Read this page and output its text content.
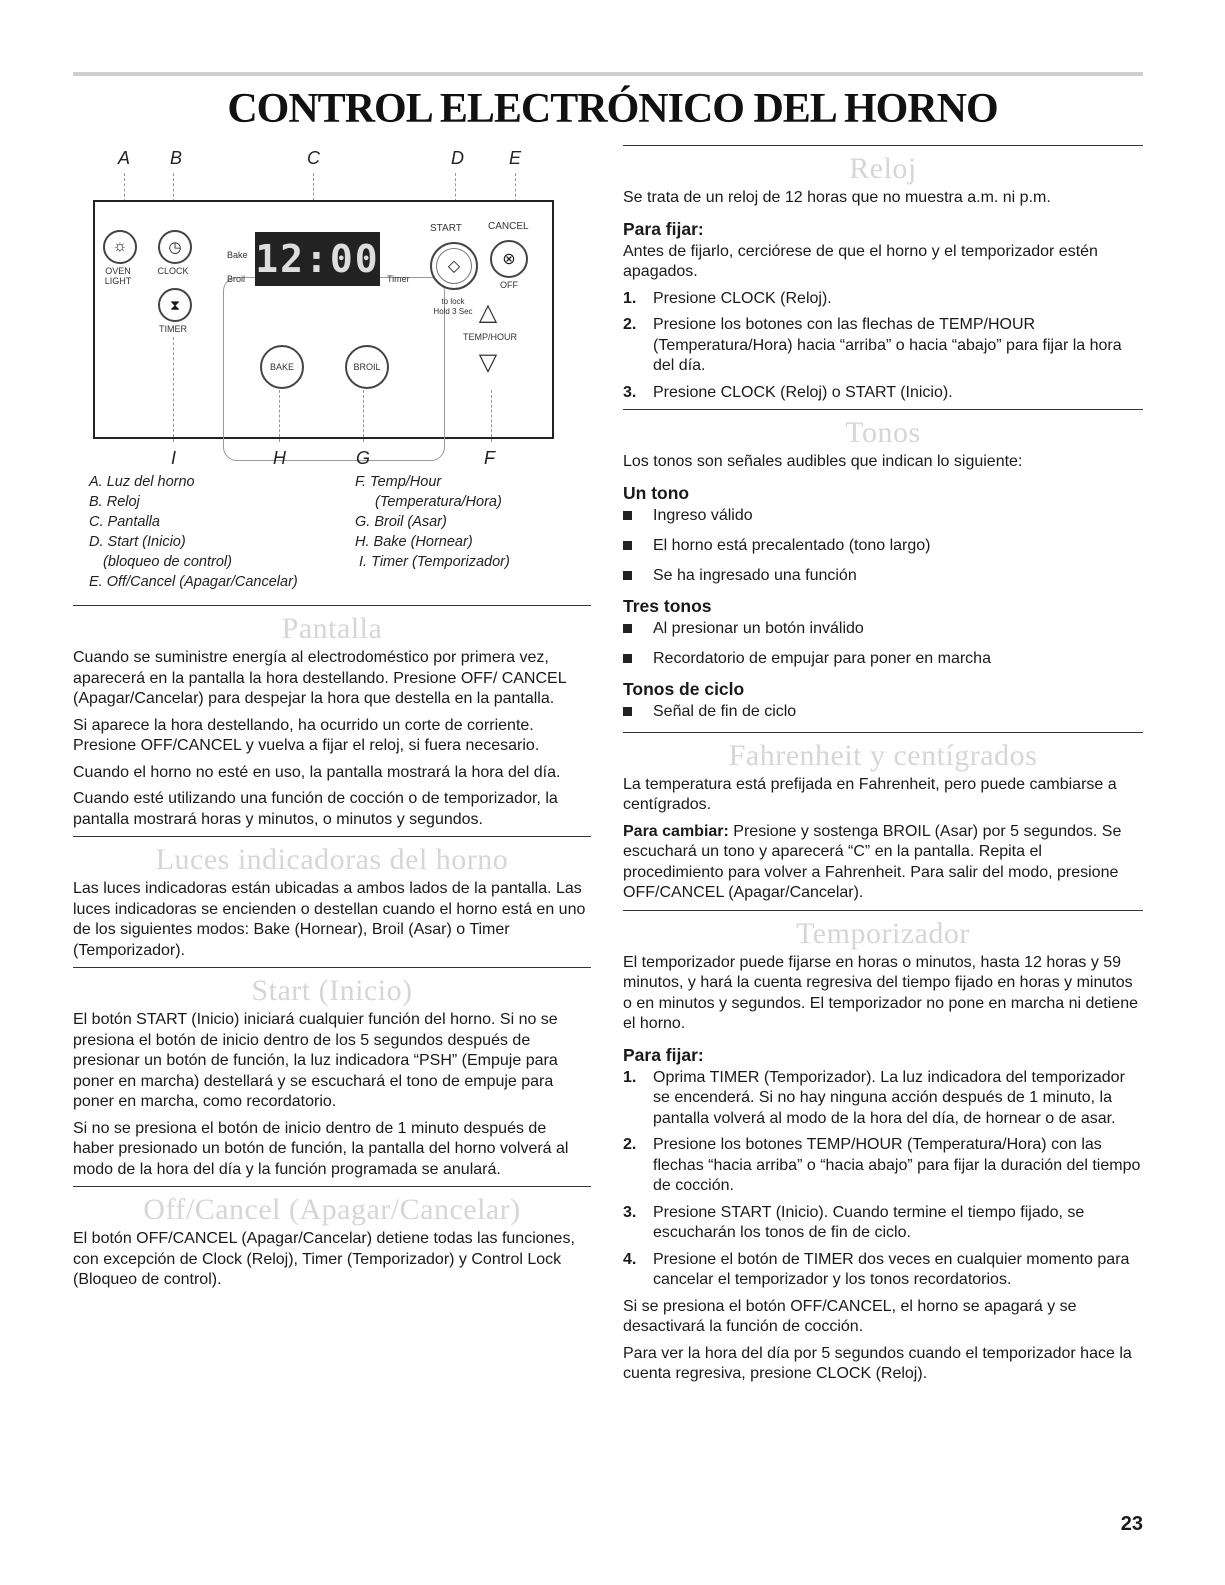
CONTROL ELECTRÓNICO DEL HORNO
A B	C	D	E
☼
OVEN LIGHT
◷
CLOCK
⧗
TIMER
Bake
Broil 12:00 Timer
START
◇
CANCEL
⊗
OFF
to lock
Hold 3 Sec △
TEMP/HOUR
▽
BAKE	BROIL
I	H	G	F
A. Luz del horno
B. Reloj
C. Pantalla
D. Start (Inicio)
(bloqueo de control)
E. Off/Cancel (Apagar/Cancelar)
F. Temp/Hour
(Temperatura/Hora)
G. Broil (Asar)
H. Bake (Hornear)
I. Timer (Temporizador)
Pantalla

Cuando se suministre energía al electrodoméstico por primera vez, aparecerá en la pantalla la hora destellando. Presione OFF/ CANCEL (Apagar/Cancelar) para despejar la hora que destella en la pantalla.

Si aparece la hora destellando, ha ocurrido un corte de corriente. Presione OFF/CANCEL y vuelva a fijar el reloj, si fuera necesario.

Cuando el horno no esté en uso, la pantalla mostrará la hora del día.

Cuando esté utilizando una función de cocción o de temporizador, la pantalla mostrará horas y minutos, o minutos y segundos.

Luces indicadoras del horno

Las luces indicadoras están ubicadas a ambos lados de la pantalla. Las luces indicadoras se encienden o destellan cuando el horno está en uno de los siguientes modos: Bake (Hornear), Broil (Asar) o Timer (Temporizador).

Start (Inicio)

El botón START (Inicio) iniciará cualquier función del horno. Si no se presiona el botón de inicio dentro de los 5 segundos después de presionar un botón de función, la luz indicadora “PSH” (Empuje para poner en marcha) destellará y se escuchará el tono de empuje para poner en marcha, como recordatorio.

Si no se presiona el botón de inicio dentro de 1 minuto después de haber presionado un botón de función, la pantalla del horno volverá al modo de la hora del día y la función programada se anulará.

Off/Cancel (Apagar/Cancelar)

El botón OFF/CANCEL (Apagar/Cancelar) detiene todas las funciones, con excepción de Clock (Reloj), Timer (Temporizador) y Control Lock (Bloqueo de control).

Reloj

Se trata de un reloj de 12 horas que no muestra a.m. ni p.m.

Para fijar:

Antes de fijarlo, cerciórese de que el horno y el temporizador estén apagados.

1. Presione CLOCK (Reloj).
2. Presione los botones con las flechas de TEMP/HOUR (Temperatura/Hora) hacia “arriba” o hacia “abajo” para fijar la hora del día.
3. Presione CLOCK (Reloj) o START (Inicio).
Tonos

Los tonos son señales audibles que indican lo siguiente:

Un tono
Ingreso válido
El horno está precalentado (tono largo)
Se ha ingresado una función
Tres tonos
Al presionar un botón inválido
Recordatorio de empujar para poner en marcha
Tonos de ciclo
Señal de fin de ciclo
Fahrenheit y centígrados

La temperatura está prefijada en Fahrenheit, pero puede cambiarse a centígrados.

Para cambiar: Presione y sostenga BROIL (Asar) por 5 segundos. Se escuchará un tono y aparecerá “C” en la pantalla. Repita el procedimiento para volver a Fahrenheit. Para salir del modo, presione OFF/CANCEL (Apagar/Cancelar).

Temporizador

El temporizador puede fijarse en horas o minutos, hasta 12 horas y 59 minutos, y hará la cuenta regresiva del tiempo fijado en horas y minutos o en minutos y segundos. El temporizador no pone en marcha ni detiene el horno.

Para fijar:
1. Oprima TIMER (Temporizador). La luz indicadora del temporizador se encenderá. Si no hay ninguna acción después de 1 minuto, la pantalla volverá al modo de la hora del día, de hornear o de asar.
2. Presione los botones TEMP/HOUR (Temperatura/Hora) con las flechas “hacia arriba” o “hacia abajo” para fijar la duración del tiempo de cocción.
3. Presione START (Inicio). Cuando termine el tiempo fijado, se escucharán los tonos de fin de ciclo.
4. Presione el botón de TIMER dos veces en cualquier momento para cancelar el temporizador y los tonos recordatorios.

Si se presiona el botón OFF/CANCEL, el horno se apagará y se desactivará la función de cocción.

Para ver la hora del día por 5 segundos cuando el temporizador hace la cuenta regresiva, presione CLOCK (Reloj).

23
